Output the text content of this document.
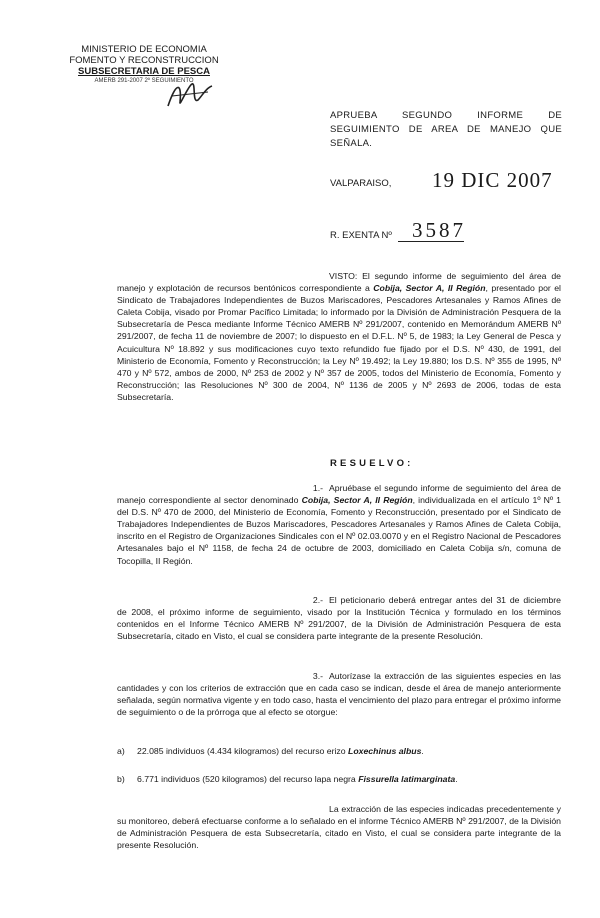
MINISTERIO DE ECONOMIA
FOMENTO Y RECONSTRUCCION
SUBSECRETARIA DE PESCA
AMERB 291-2007 2º SEGUIMIENTO
APRUEBA SEGUNDO INFORME DE SEGUIMIENTO DE AREA DE MANEJO QUE SEÑALA.
VALPARAISO, 19 DIC 2007
R. EXENTA Nº 3587
VISTO: El segundo informe de seguimiento del área de manejo y explotación de recursos bentónicos correspondiente a Cobija, Sector A, II Región, presentado por el Sindicato de Trabajadores Independientes de Buzos Mariscadores, Pescadores Artesanales y Ramos Afines de Caleta Cobija, visado por Promar Pacífico Limitada; lo informado por la División de Administración Pesquera de la Subsecretaría de Pesca mediante Informe Técnico AMERB Nº 291/2007, contenido en Memorándum AMERB Nº 291/2007, de fecha 11 de noviembre de 2007; lo dispuesto en el D.F.L. Nº 5, de 1983; la Ley General de Pesca y Acuicultura Nº 18.892 y sus modificaciones cuyo texto refundido fue fijado por el D.S. Nº 430, de 1991, del Ministerio de Economía, Fomento y Reconstrucción; la Ley Nº 19.492; la Ley 19.880; los D.S. Nº 355 de 1995, Nº 470 y Nº 572, ambos de 2000, Nº 253 de 2002 y Nº 357 de 2005, todos del Ministerio de Economía, Fomento y Reconstrucción; las Resoluciones Nº 300 de 2004, Nº 1136 de 2005 y Nº 2693 de 2006, todas de esta Subsecretaría.
RESUELVO:
1.- Apruébase el segundo informe de seguimiento del área de manejo correspondiente al sector denominado Cobija, Sector A, II Región, individualizada en el artículo 1º Nº 1 del D.S. Nº 470 de 2000, del Ministerio de Economía, Fomento y Reconstrucción, presentado por el Sindicato de Trabajadores Independientes de Buzos Mariscadores, Pescadores Artesanales y Ramos Afines de Caleta Cobija, inscrito en el Registro de Organizaciones Sindicales con el Nº 02.03.0070 y en el Registro Nacional de Pescadores Artesanales bajo el Nº 1158, de fecha 24 de octubre de 2003, domiciliado en Caleta Cobija s/n, comuna de Tocopilla, II Región.
2.- El peticionario deberá entregar antes del 31 de diciembre de 2008, el próximo informe de seguimiento, visado por la Institución Técnica y formulado en los términos contenidos en el Informe Técnico AMERB Nº 291/2007, de la División de Administración Pesquera de esta Subsecretaría, citado en Visto, el cual se considera parte integrante de la presente Resolución.
3.- Autorízase la extracción de las siguientes especies en las cantidades y con los criterios de extracción que en cada caso se indican, desde el área de manejo anteriormente señalada, según normativa vigente y en todo caso, hasta el vencimiento del plazo para entregar el próximo informe de seguimiento o de la prórroga que al efecto se otorgue:
a) 22.085 individuos (4.434 kilogramos) del recurso erizo Loxechinus albus.
b) 6.771 individuos (520 kilogramos) del recurso lapa negra Fissurella latimarginata.
La extracción de las especies indicadas precedentemente y su monitoreo, deberá efectuarse conforme a lo señalado en el informe Técnico AMERB Nº 291/2007, de la División de Administración Pesquera de esta Subsecretaría, citado en Visto, el cual se considera parte integrante de la presente Resolución.
